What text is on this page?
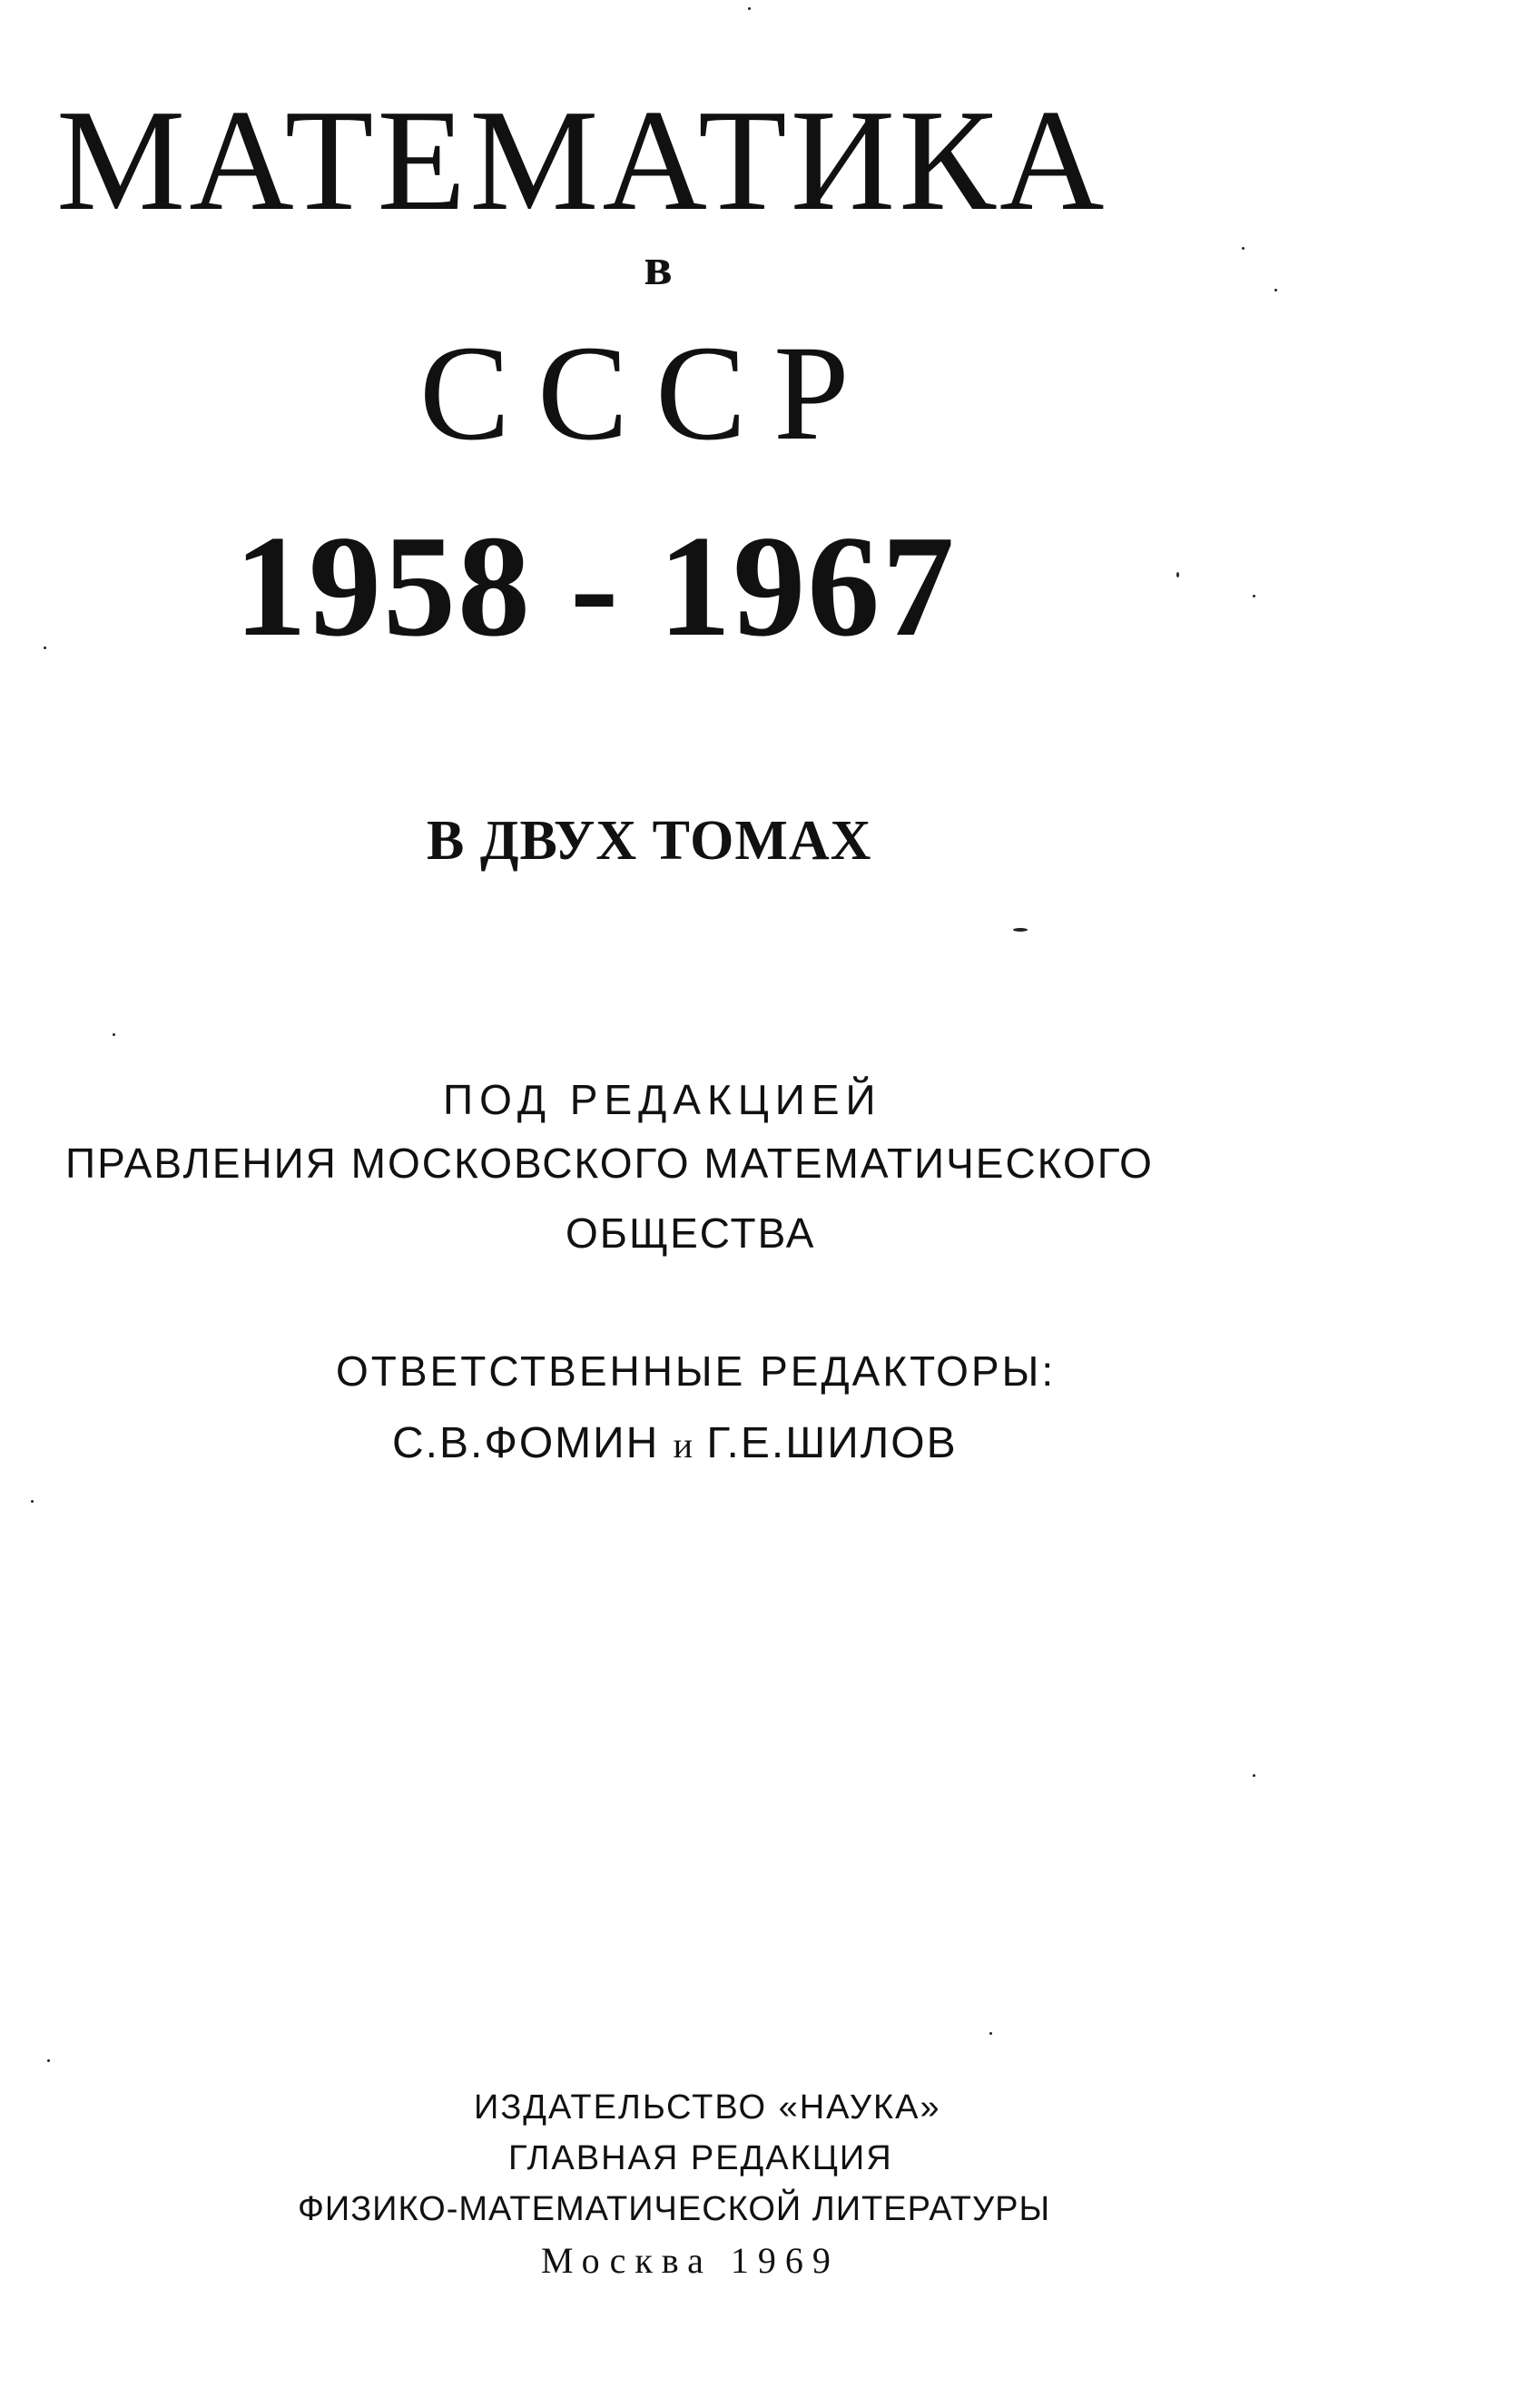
МАТЕМАТИКА
в
СССР
1958 - 1967
В ДВУХ ТОМАХ
ПОД РЕДАКЦИЕЙ
ПРАВЛЕНИЯ МОСКОВСКОГО МАТЕМАТИЧЕСКОГО
ОБЩЕСТВА
ОТВЕТСТВЕННЫЕ РЕДАКТОРЫ:
С.В.ФОМИН и Г.Е.ШИЛОВ
ИЗДАТЕЛЬСТВО «НАУКА»
ГЛАВНАЯ РЕДАКЦИЯ
ФИЗИКО-МАТЕМАТИЧЕСКОЙ ЛИТЕРАТУРЫ
Москва 1969
